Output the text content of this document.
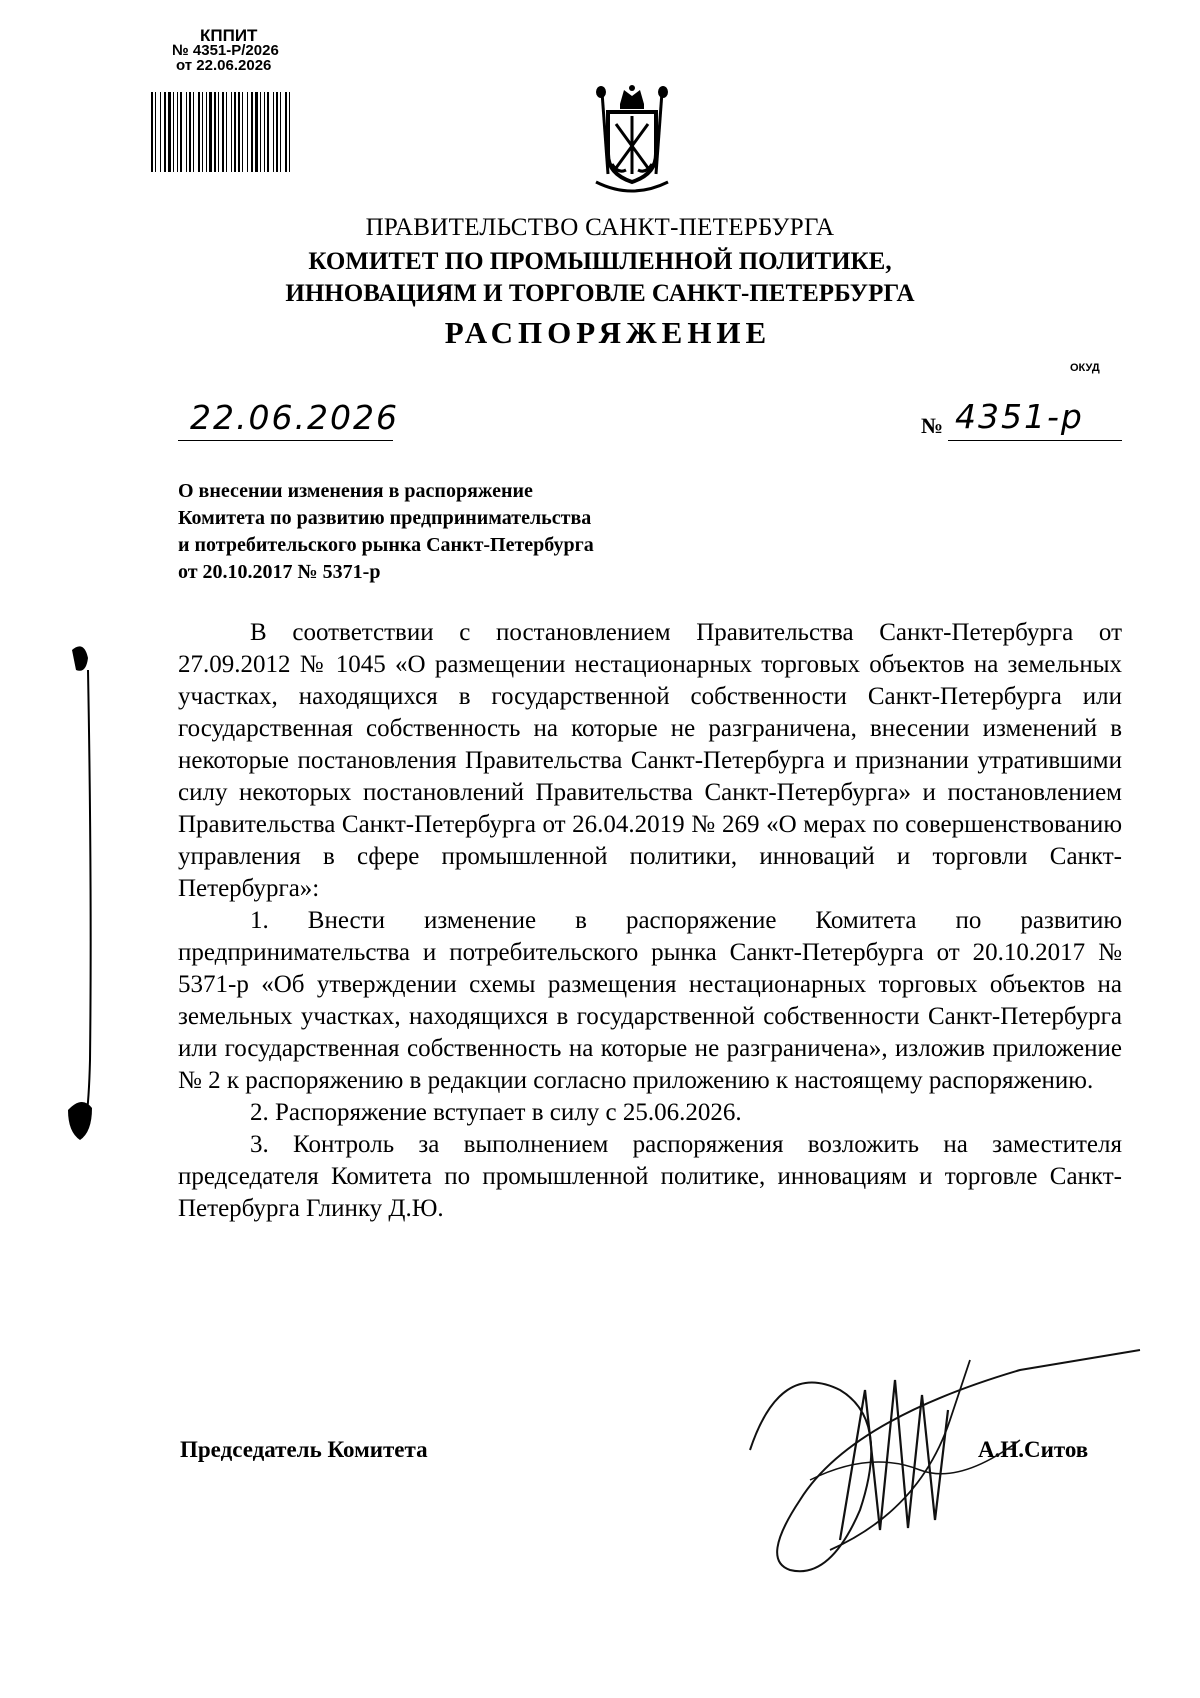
КППИТ
№ 4351-Р/2026
от 22.06.2026
ПРАВИТЕЛЬСТВО САНКТ-ПЕТЕРБУРГА
КОМИТЕТ ПО ПРОМЫШЛЕННОЙ ПОЛИТИКЕ,
ИННОВАЦИЯМ И ТОРГОВЛЕ САНКТ-ПЕТЕРБУРГА
РАСПОРЯЖЕНИЕ
ОКУД
22.06.2026	№ 4351-р
О внесении изменения в распоряжение
Комитета по развитию предпринимательства
и потребительского рынка Санкт-Петербурга
от 20.10.2017 № 5371-р

В соответствии с постановлением Правительства Санкт-Петербурга от 27.09.2012 № 1045 «О размещении нестационарных торговых объектов на земельных участках, находящихся в государственной собственности Санкт-Петербурга или государственная собственность на которые не разграничена, внесении изменений в некоторые постановления Правительства Санкт-Петербурга и признании утратившими силу некоторых постановлений Правительства Санкт-Петербурга» и постановлением Правительства Санкт-Петербурга от 26.04.2019 № 269 «О мерах по совершенствованию управления в сфере промышленной политики, инноваций и торговли Санкт-Петербурга»:

1. Внести изменение в распоряжение Комитета по развитию предпринимательства и потребительского рынка Санкт-Петербурга от 20.10.2017 № 5371-р «Об утверждении схемы размещения нестационарных торговых объектов на земельных участках, находящихся в государственной собственности Санкт-Петербурга или государственная собственность на которые не разграничена», изложив приложение № 2 к распоряжению в редакции согласно приложению к настоящему распоряжению.

2. Распоряжение вступает в силу с 25.06.2026.

3. Контроль за выполнением распоряжения возложить на заместителя председателя Комитета по промышленной политике, инновациям и торговле Санкт-Петербурга Глинку Д.Ю.

Председатель Комитета	А.Н.Ситов
